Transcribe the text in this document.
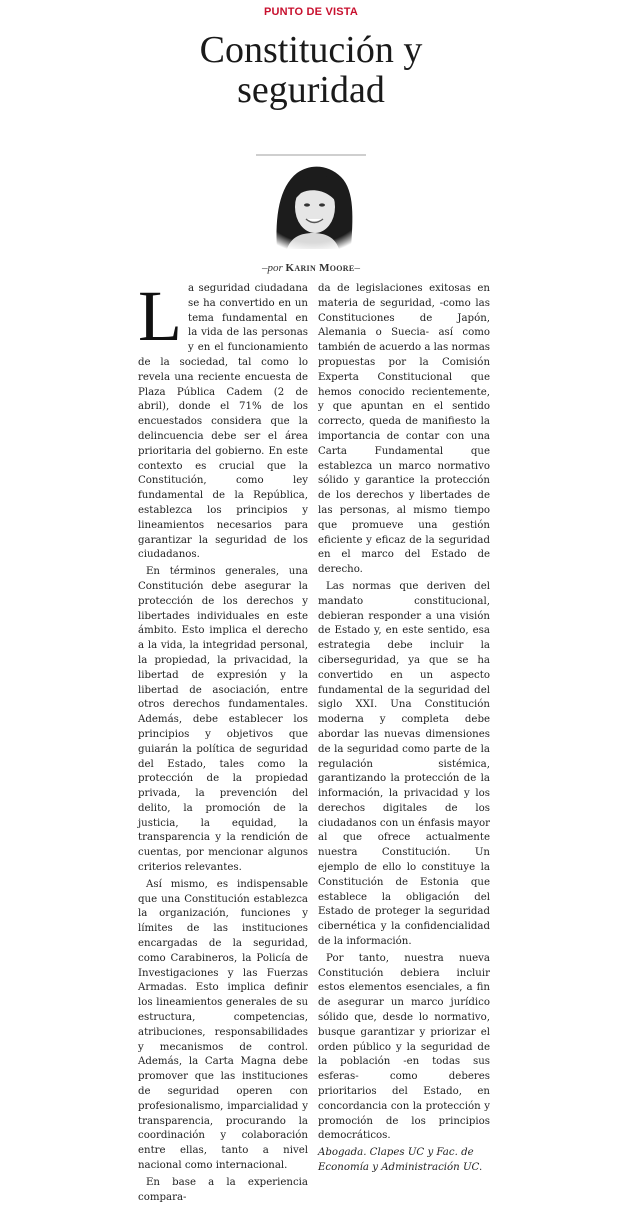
PUNTO DE VISTA
Constitución y
seguridad
–por Karin Moore–

La seguridad ciudadana se ha convertido en un tema fundamental en la vida de las personas y en el funcionamiento de la sociedad, tal como lo revela una reciente encuesta de Plaza Pública Cadem (2 de abril), donde el 71% de los encuestados considera que la delincuencia debe ser el área prioritaria del gobierno. En este contexto es crucial que la Constitución, como ley fundamental de la República, establezca los principios y lineamientos necesarios para garantizar la seguridad de los ciudadanos.

En términos generales, una Constitución debe asegurar la protección de los derechos y libertades individuales en este ámbito. Esto implica el derecho a la vida, la integridad personal, la propiedad, la privacidad, la libertad de expresión y la libertad de asociación, entre otros derechos fundamentales. Además, debe establecer los principios y objetivos que guiarán la política de seguridad del Estado, tales como la protección de la propiedad privada, la prevención del delito, la promoción de la justicia, la equidad, la transparencia y la rendición de cuentas, por mencionar algunos criterios relevantes.

Así mismo, es indispensable que una Constitución establezca la organización, funciones y límites de las instituciones encargadas de la seguridad, como Carabineros, la Policía de Investigaciones y las Fuerzas Armadas. Esto implica definir los lineamientos generales de su estructura, competencias, atribuciones, responsabilidades y mecanismos de control. Además, la Carta Magna debe promover que las instituciones de seguridad operen con profesionalismo, imparcialidad y transparencia, procurando la coordinación y colaboración entre ellas, tanto a nivel nacional como internacional.

En base a la experiencia compara-

da de legislaciones exitosas en materia de seguridad, -como las Constituciones de Japón, Alemania o Suecia- así como también de acuerdo a las normas propuestas por la Comisión Experta Constitucional que hemos conocido recientemente, y que apuntan en el sentido correcto, queda de manifiesto la importancia de contar con una Carta Fundamental que establezca un marco normativo sólido y garantice la protección de los derechos y libertades de las personas, al mismo tiempo que promueve una gestión eficiente y eficaz de la seguridad en el marco del Estado de derecho.

Las normas que deriven del mandato constitucional, debieran responder a una visión de Estado y, en este sentido, esa estrategia debe incluir la ciberseguridad, ya que se ha convertido en un aspecto fundamental de la seguridad del siglo XXI. Una Constitución moderna y completa debe abordar las nuevas dimensiones de la seguridad como parte de la regulación sistémica, garantizando la protección de la información, la privacidad y los derechos digitales de los ciudadanos con un énfasis mayor al que ofrece actualmente nuestra Constitución. Un ejemplo de ello lo constituye la Constitución de Estonia que establece la obligación del Estado de proteger la seguridad cibernética y la confidencialidad de la información.

Por tanto, nuestra nueva Constitución debiera incluir estos elementos esenciales, a fin de asegurar un marco jurídico sólido que, desde lo normativo, busque garantizar y priorizar el orden público y la seguridad de la población -en todas sus esferas- como deberes prioritarios del Estado, en concordancia con la protección y promoción de los principios democráticos.

Abogada. Clapes UC y Fac. de Economía y Administración UC.
